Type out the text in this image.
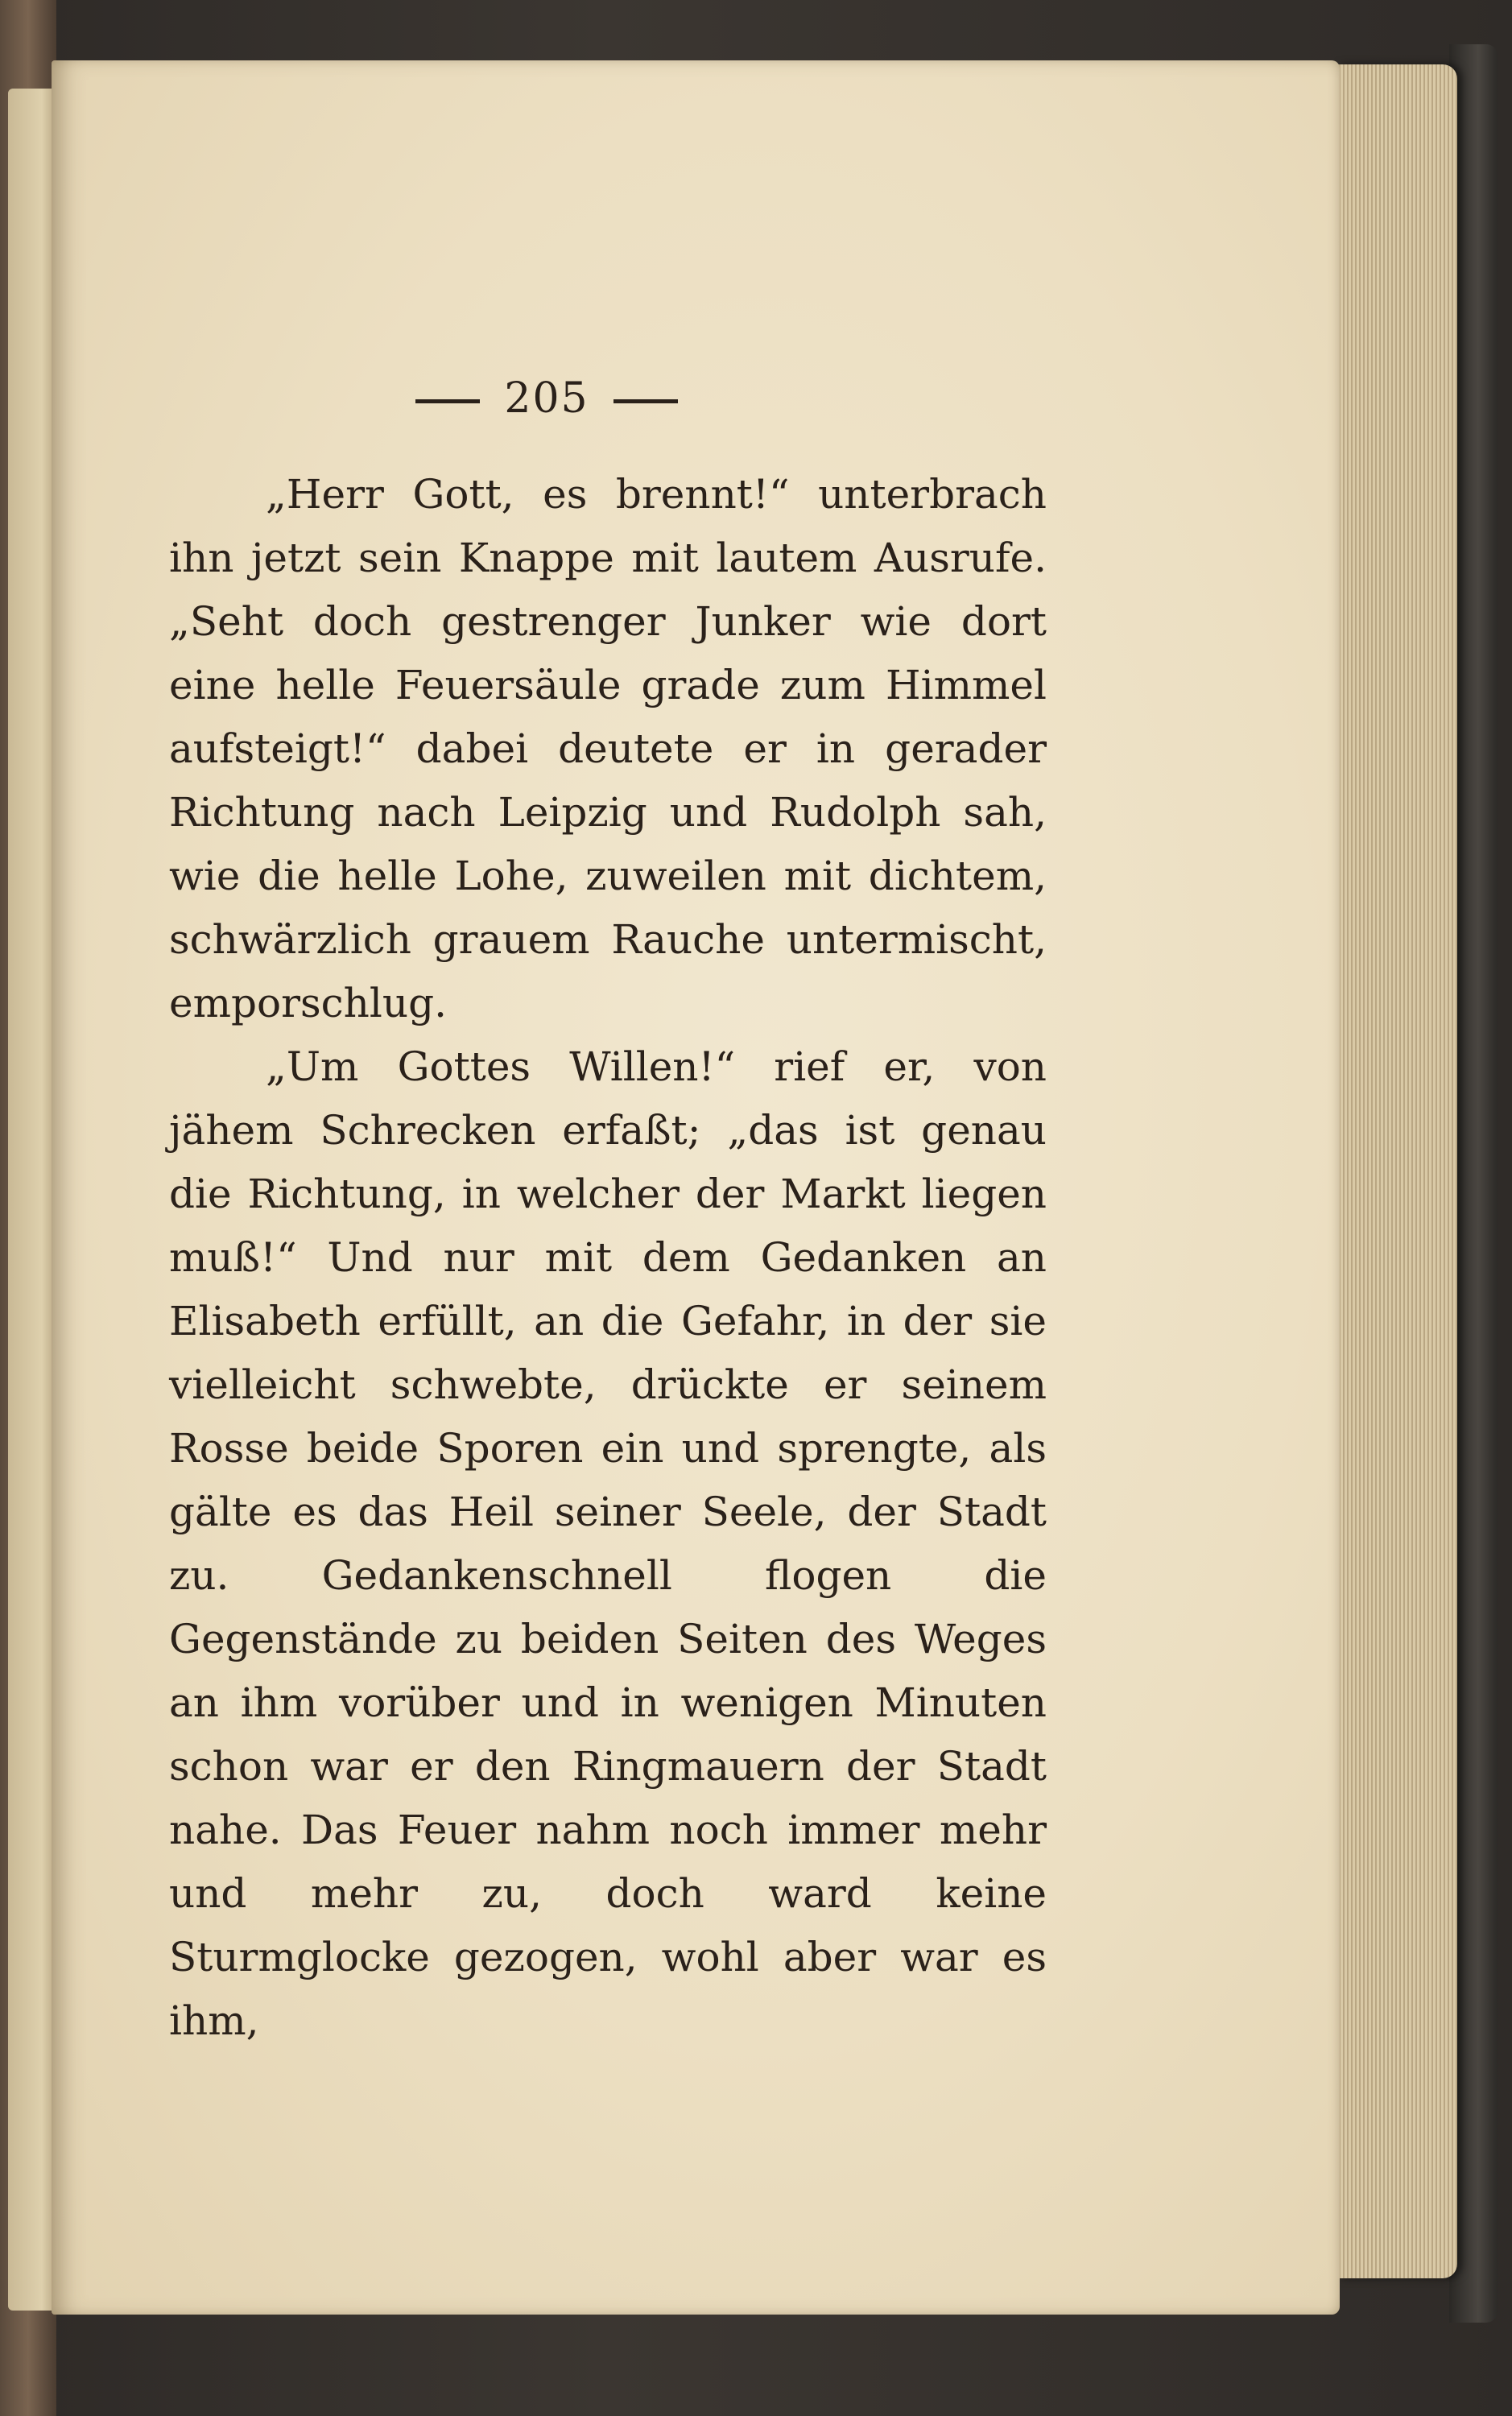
205

„Herr Gott, es brennt!“ unterbrach ihn jetzt sein Knappe mit lautem Ausrufe. „Seht doch gestrenger Junker wie dort eine helle Feuersäule grade zum Himmel aufsteigt!“ dabei deutete er in gerader Richtung nach Leipzig und Rudolph sah, wie die helle Lohe, zuweilen mit dichtem, schwärzlich grauem Rauche untermischt, emporschlug.

„Um Gottes Willen!“ rief er, von jähem Schrecken erfaßt; „das ist genau die Richtung, in welcher der Markt liegen muß!“ Und nur mit dem Gedanken an Elisabeth erfüllt, an die Gefahr, in der sie vielleicht schwebte, drückte er seinem Rosse beide Sporen ein und sprengte, als gälte es das Heil seiner Seele, der Stadt zu. Gedankenschnell flogen die Gegenstände zu beiden Seiten des Weges an ihm vorüber und in wenigen Minuten schon war er den Ringmauern der Stadt nahe. Das Feuer nahm noch immer mehr und mehr zu, doch ward keine Sturmglocke gezogen, wohl aber war es ihm,
